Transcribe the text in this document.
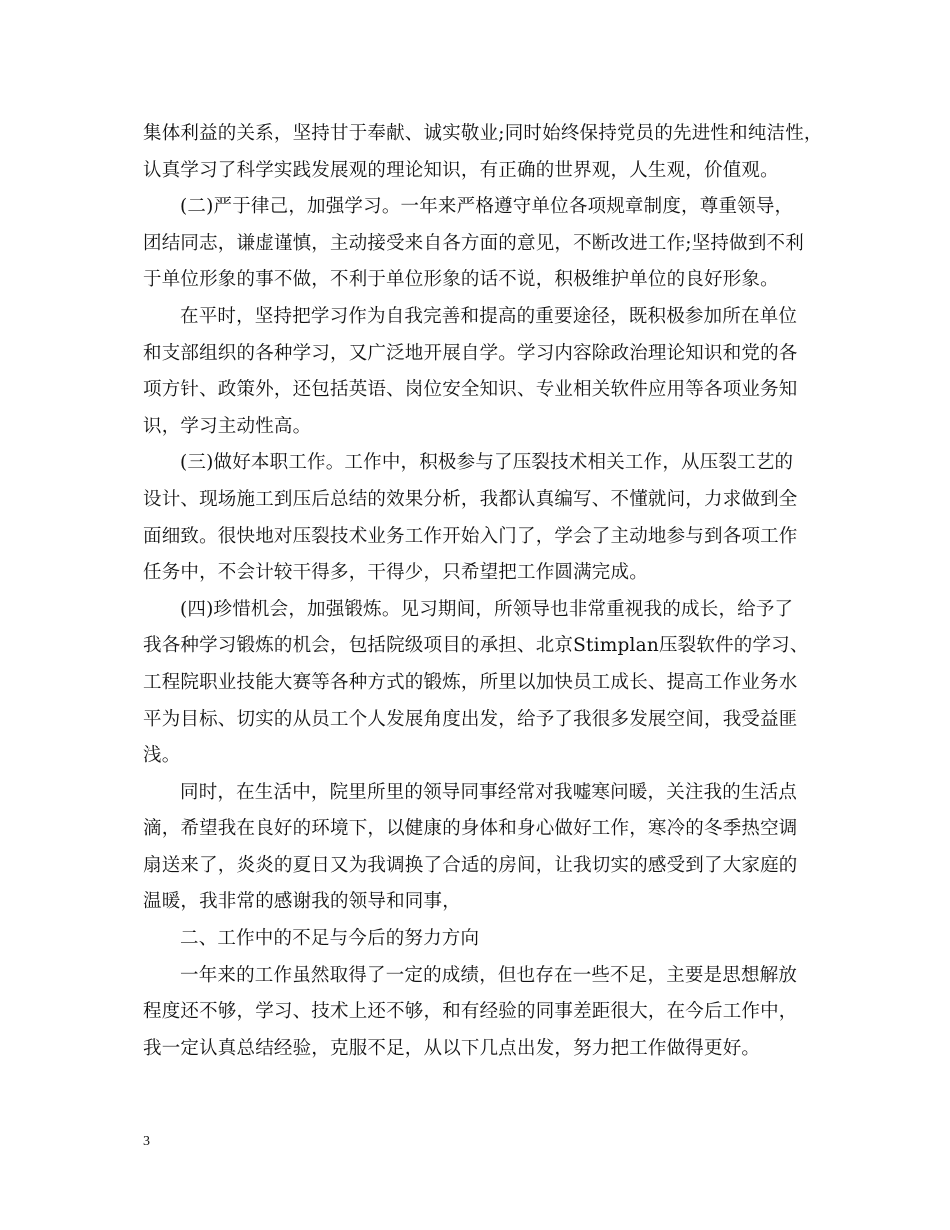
集体利益的关系，坚持甘于奉献、诚实敬业;同时始终保持党员的先进性和纯洁性，
认真学习了科学实践发展观的理论知识，有正确的世界观，人生观，价值观。

(二)严于律己，加强学习。一年来严格遵守单位各项规章制度，尊重领导，
团结同志，谦虚谨慎，主动接受来自各方面的意见，不断改进工作;坚持做到不利
于单位形象的事不做，不利于单位形象的话不说，积极维护单位的良好形象。

在平时，坚持把学习作为自我完善和提高的重要途径，既积极参加所在单位
和支部组织的各种学习，又广泛地开展自学。学习内容除政治理论知识和党的各
项方针、政策外，还包括英语、岗位安全知识、专业相关软件应用等各项业务知
识，学习主动性高。

(三)做好本职工作。工作中，积极参与了压裂技术相关工作，从压裂工艺的
设计、现场施工到压后总结的效果分析，我都认真编写、不懂就问，力求做到全
面细致。很快地对压裂技术业务工作开始入门了，学会了主动地参与到各项工作
任务中，不会计较干得多，干得少，只希望把工作圆满完成。

(四)珍惜机会，加强锻炼。见习期间，所领导也非常重视我的成长，给予了
我各种学习锻炼的机会，包括院级项目的承担、北京Stimplan压裂软件的学习、
工程院职业技能大赛等各种方式的锻炼，所里以加快员工成长、提高工作业务水
平为目标、切实的从员工个人发展角度出发，给予了我很多发展空间，我受益匪
浅。

同时，在生活中，院里所里的领导同事经常对我嘘寒问暖，关注我的生活点
滴，希望我在良好的环境下，以健康的身体和身心做好工作，寒冷的冬季热空调
扇送来了，炎炎的夏日又为我调换了合适的房间，让我切实的感受到了大家庭的
温暖，我非常的感谢我的领导和同事，

二、工作中的不足与今后的努力方向

一年来的工作虽然取得了一定的成绩，但也存在一些不足，主要是思想解放
程度还不够，学习、技术上还不够，和有经验的同事差距很大，在今后工作中，
我一定认真总结经验，克服不足，从以下几点出发，努力把工作做得更好。

3
